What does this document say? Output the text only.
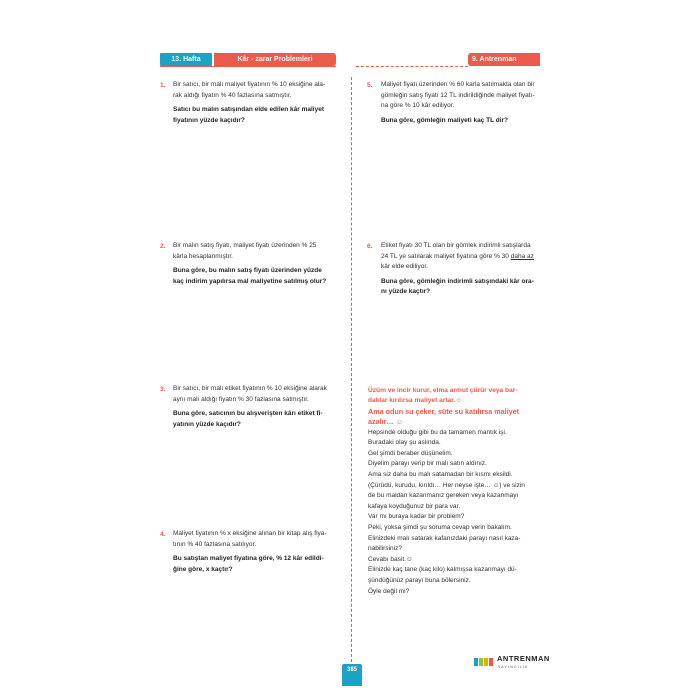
13. Hafta	Kâr - zarar Problemleri	9. Antrenman
1.	Bir satıcı, bir malı maliyet fiyatının % 10 eksiğine ala-
rak aldığı fiyatın % 40 fazlasına satmıştır.
Satıcı bu malın satışından elde edilen kâr maliyet
fiyatının yüzde kaçıdır?
2.	Bir malın satış fiyatı, maliyet fiyatı üzerinden % 25
kârla hesaplanmıştır.
Buna göre, bu malın satış fiyatı üzerinden yüzde
kaç indirim yapılırsa mal maliyetine satılmış olur?
3.	Bir satıcı, bir malı etiket fiyatının % 10 eksiğine alarak
aynı malı aldığı fiyatın % 30 fazlasına satmıştır.
Buna göre, satıcının bu alışverişten kârı etiket fi-
yatının yüzde kaçıdır?
4.	Maliyet fiyatının % x eksiğine alınan bir kitap alış fiya-
tının % 40 fazlasına satılıyor.
Bu satıştan maliyet fiyatına göre, % 12 kâr edildi-
ğine göre, x kaçtır?
5.	Maliyet fiyatı üzerinden % 60 karla satılmakta olan bir
gömleğin satış fiyatı 12 TL indirildiğinde maliyet fiyatı-
na göre % 10 kâr ediliyor.
Buna göre, gömleğin maliyeti kaç TL dir?
6.	Etiket fiyatı 30 TL olan bir gömlek indirimli satışlarda
24 TL ye satılarak maliyet fiyatına göre % 30 daha az
kâr elde ediliyor.
Buna göre, gömleğin indirimli satışındaki kâr ora-
nı yüzde kaçtır?
Üzüm ve incir kurur, elma armut çürür veya bar-
daklar kırılırsa maliyet artar.☺
Ama odun su çeker, süte su katılırsa maliyet
azalır… ☺
Hepsinde olduğu gibi bu da tamamen mantık işi.
Buradaki olay şu aslında.
Gel şimdi beraber düşünelim.
Diyelim parayı verip bir malı satın aldınız.
Ama siz daha bu malı satamadan bir kısmı eksildi.
(Çürüdü, kurudu, kırıldı… Her neyse işte… ☺) ve sizin
de bu maldan kazanmanız gereken veya kazanmayı
kafaya koyduğunuz bir para var.
Var mı buraya kadar bir problem?
Peki, yoksa şimdi şu soruma cevap verin bakalım.
Elinizdeki malı satarak kafanızdaki parayı nasıl kaza-
nabilirsiniz?
Cevabı basit.☺
Elinizde kaç tane (kaç kilo) kalmışsa kazanmayı dü-
şündüğünüz parayı buna bölersiniz.
Öyle değil mi?
385
ANTRENMAN
YAYINCILIK
